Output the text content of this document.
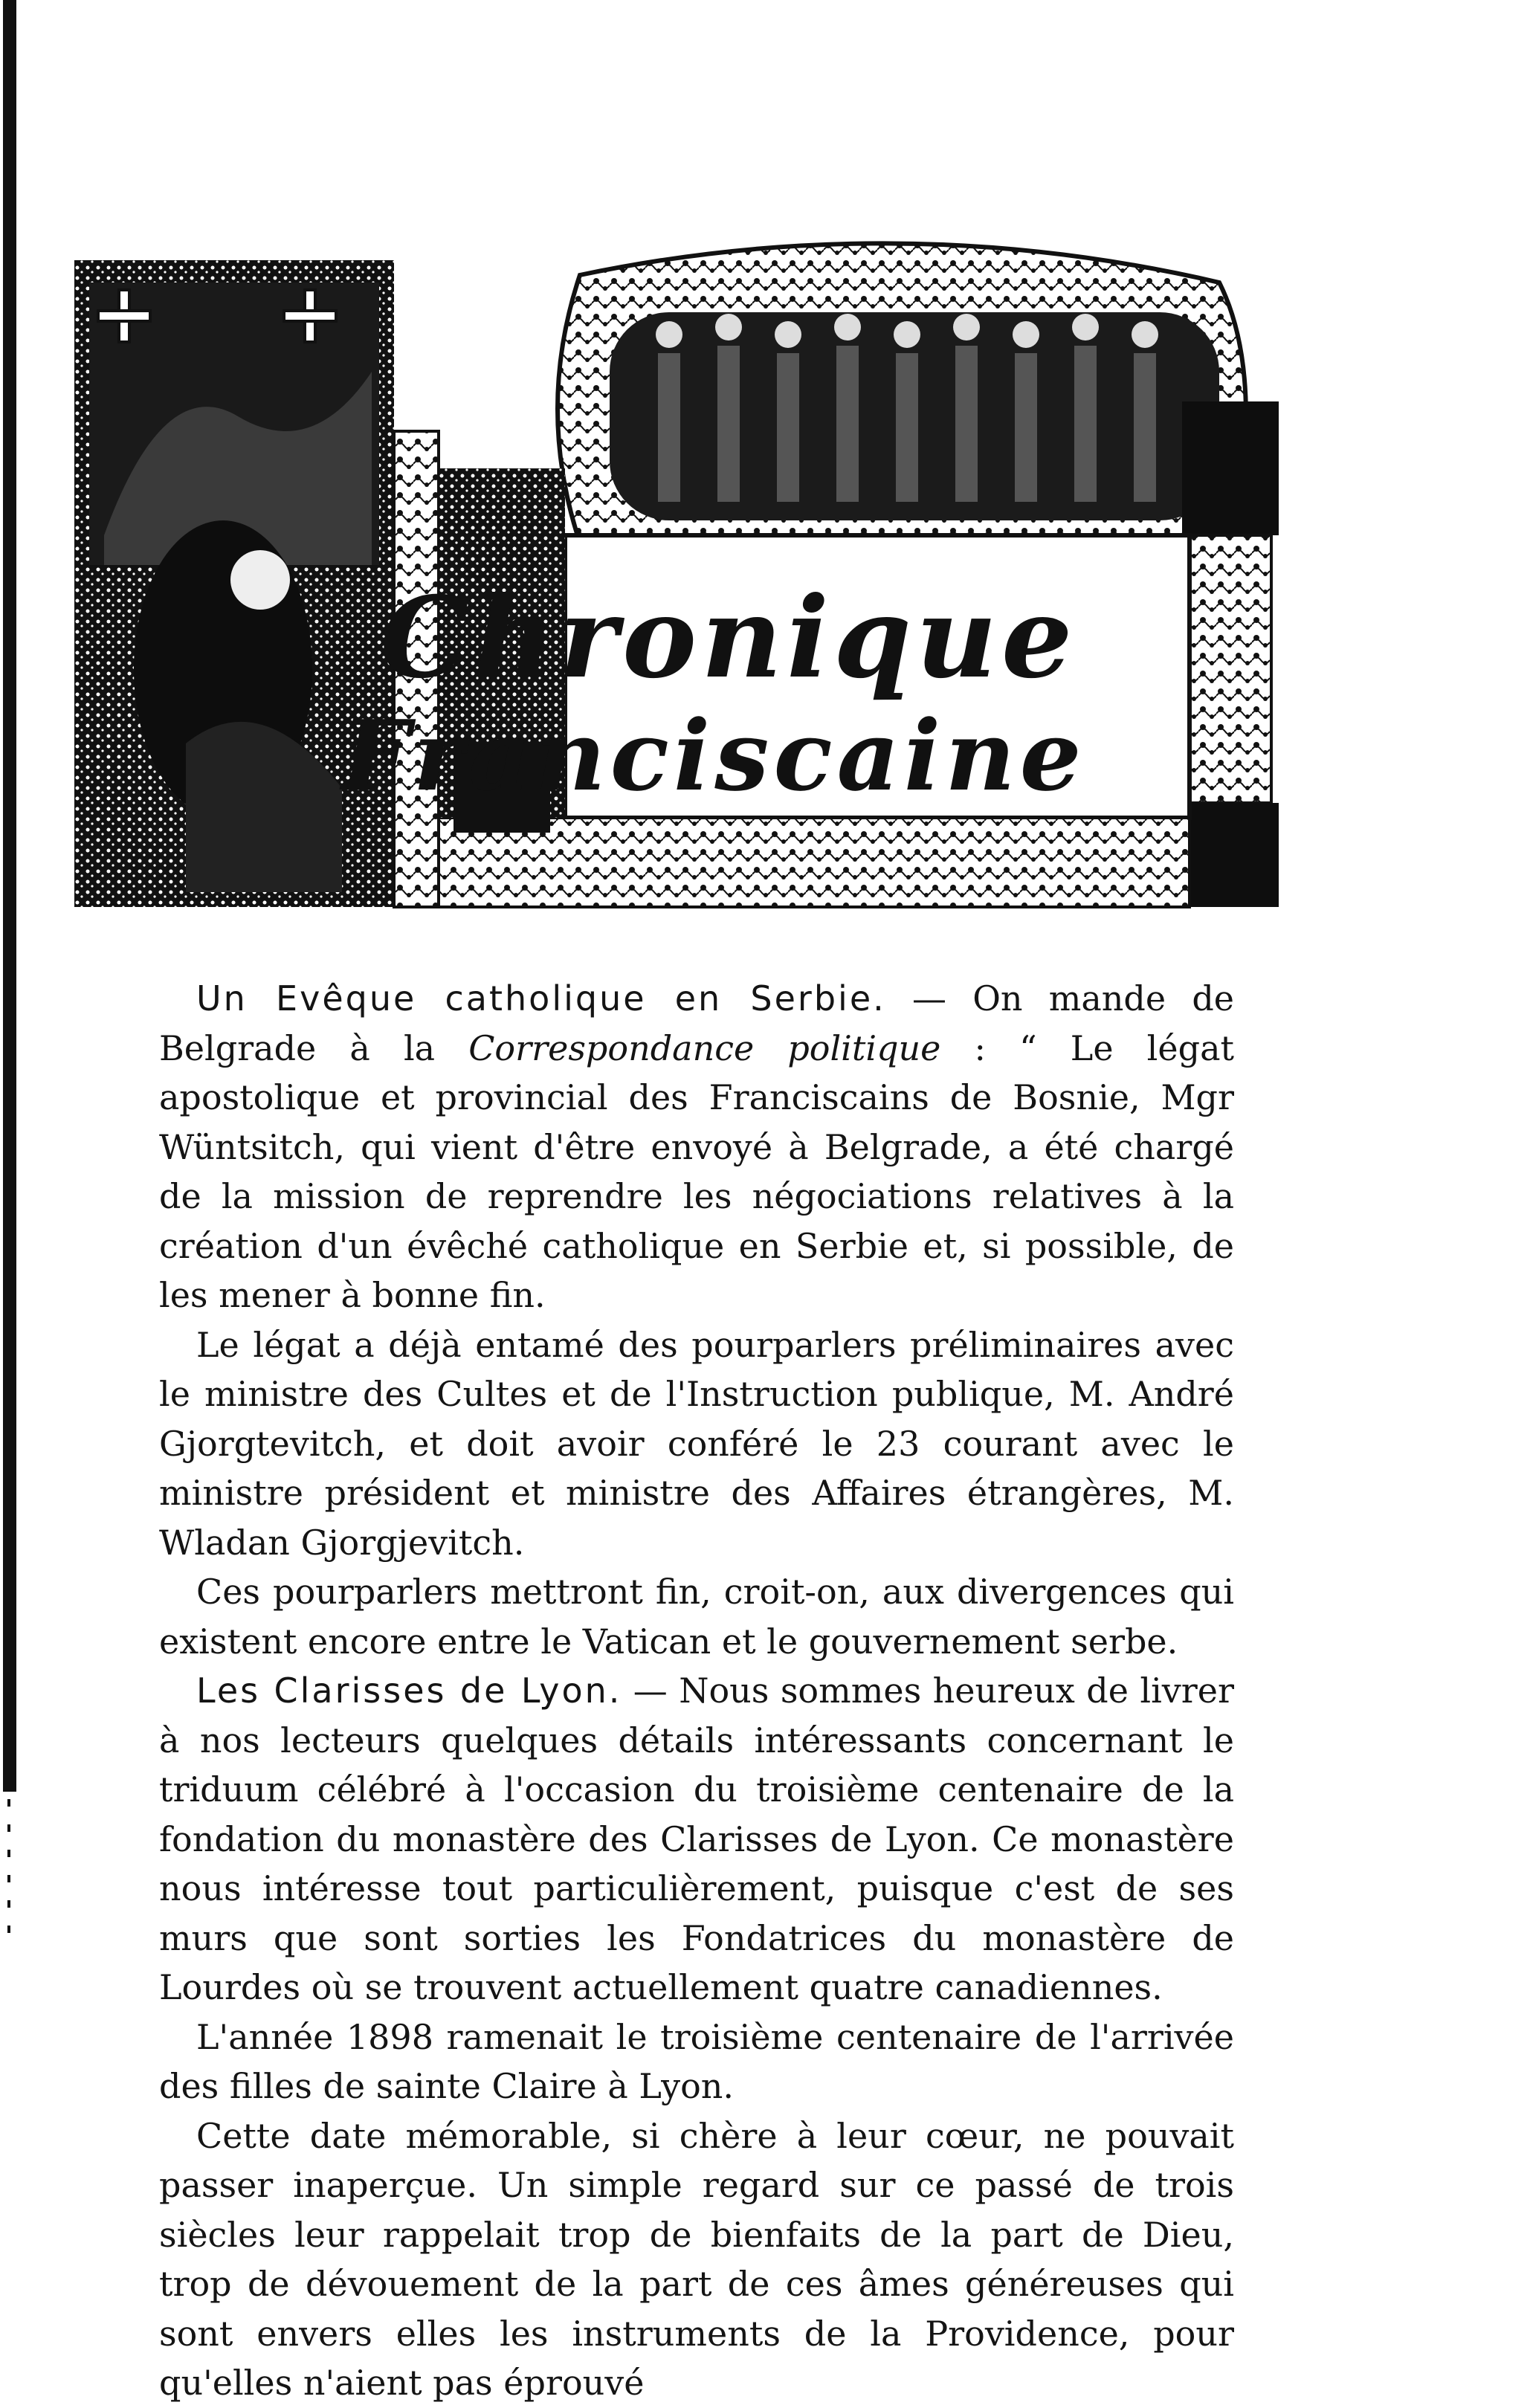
Chronique
Franciscaine

Un Evêque catholique en Serbie. — On mande de Belgrade à la Correspondance politique : “ Le légat apostolique et provincial des Franciscains de Bosnie, Mgr Wüntsitch, qui vient d'être envoyé à Belgrade, a été chargé de la mission de reprendre les négociations relatives à la création d'un évêché catholique en Serbie et, si possible, de les mener à bonne fin.

Le légat a déjà entamé des pourparlers préliminaires avec le ministre des Cultes et de l'Instruction publique, M. André Gjorgtevitch, et doit avoir conféré le 23 courant avec le ministre président et ministre des Affaires étrangères, M. Wladan Gjorgjevitch.

Ces pourparlers mettront fin, croit-on, aux divergences qui existent encore entre le Vatican et le gouvernement serbe.

Les Clarisses de Lyon. — Nous sommes heureux de livrer à nos lecteurs quelques détails intéressants concernant le triduum célébré à l'occasion du troisième centenaire de la fondation du monastère des Clarisses de Lyon. Ce monastère nous intéresse tout particulièrement, puisque c'est de ses murs que sont sorties les Fondatrices du monastère de Lourdes où se trouvent actuellement quatre canadiennes.

L'année 1898 ramenait le troisième centenaire de l'arrivée des filles de sainte Claire à Lyon.

Cette date mémorable, si chère à leur cœur, ne pouvait passer inaperçue. Un simple regard sur ce passé de trois siècles leur rappelait trop de bienfaits de la part de Dieu, trop de dévouement de la part de ces âmes généreuses qui sont envers elles les instruments de la Providence, pour qu'elles n'aient pas éprouvé
